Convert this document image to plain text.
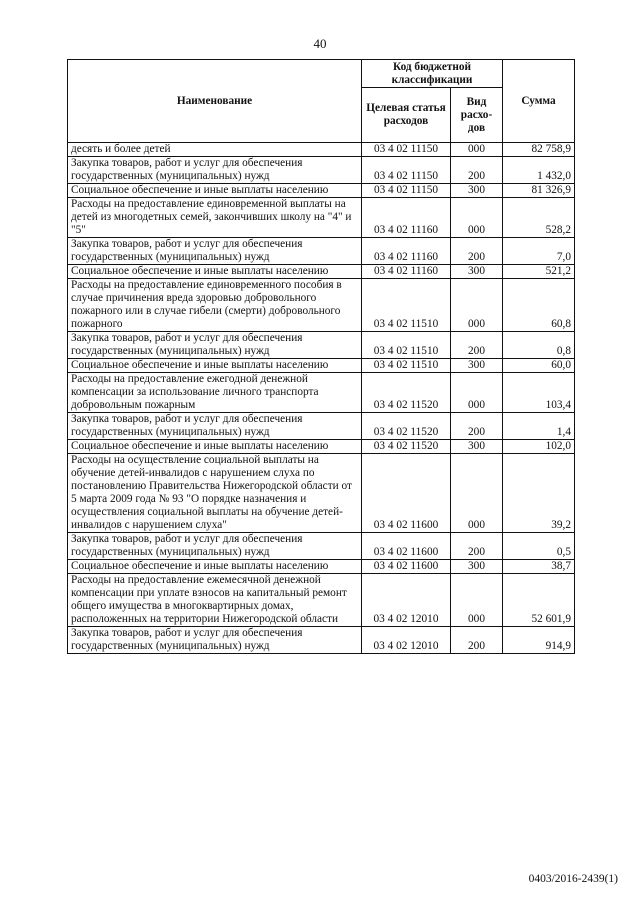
40
Наименование	Код бюджетной классификации		Сумма
	Целевая статья расходов	Вид расхо-дов	
десять и более детей	03 4 02 11150	000	82 758,9
Закупка товаров, работ и услуг для обеспечения государственных (муниципальных) нужд	03 4 02 11150	200	1 432,0
Социальное обеспечение и иные выплаты населению	03 4 02 11150	300	81 326,9
Расходы на предоставление единовременной выплаты на детей из многодетных семей, закончивших школу на "4" и "5"	03 4 02 11160	000	528,2
Закупка товаров, работ и услуг для обеспечения государственных (муниципальных) нужд	03 4 02 11160	200	7,0
Социальное обеспечение и иные выплаты населению	03 4 02 11160	300	521,2
Расходы на предоставление единовременного пособия в случае причинения вреда здоровью добровольного пожарного или в случае гибели (смерти) добровольного пожарного	03 4 02 11510	000	60,8
Закупка товаров, работ и услуг для обеспечения государственных (муниципальных) нужд	03 4 02 11510	200	0,8
Социальное обеспечение и иные выплаты населению	03 4 02 11510	300	60,0
Расходы на предоставление ежегодной денежной компенсации за использование личного транспорта добровольным пожарным	03 4 02 11520	000	103,4
Закупка товаров, работ и услуг для обеспечения государственных (муниципальных) нужд	03 4 02 11520	200	1,4
Социальное обеспечение и иные выплаты населению	03 4 02 11520	300	102,0
Расходы на осуществление социальной выплаты на обучение детей-инвалидов с нарушением слуха по постановлению Правительства Нижегородской области от 5 марта 2009 года № 93 "О порядке назначения и осуществления социальной выплаты на обучение детей-инвалидов с нарушением слуха"	03 4 02 11600	000	39,2
Закупка товаров, работ и услуг для обеспечения государственных (муниципальных) нужд	03 4 02 11600	200	0,5
Социальное обеспечение и иные выплаты населению	03 4 02 11600	300	38,7
Расходы на предоставление ежемесячной денежной компенсации при уплате взносов на капитальный ремонт общего имущества в многоквартирных домах, расположенных на территории Нижегородской области	03 4 02 12010	000	52 601,9
Закупка товаров, работ и услуг для обеспечения государственных (муниципальных) нужд	03 4 02 12010	200	914,9
0403/2016-2439(1)
